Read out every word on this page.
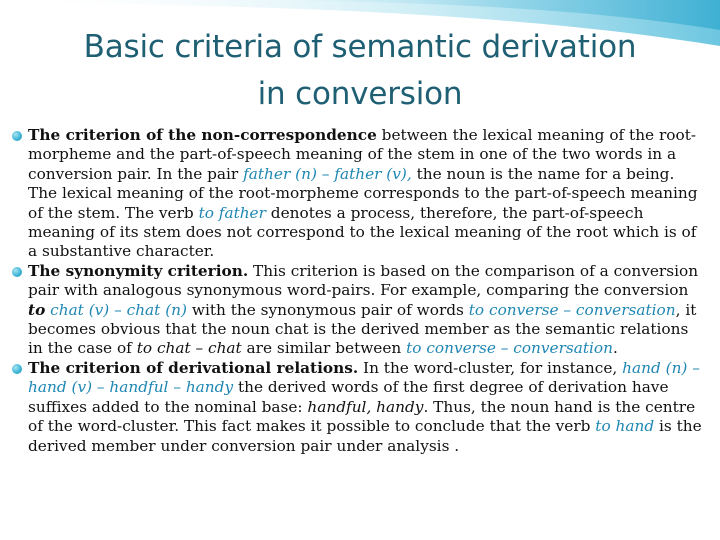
Basic criteria of semantic derivation
in conversion
The criterion of the non-correspondence between the lexical meaning of the root-morpheme and the part-of-speech meaning of the stem in one of the two words in a conversion pair. In the pair father (n) – father (v), the noun is the name for a being. The lexical meaning of the root-morpheme corresponds to the part-of-speech meaning of the stem. The verb to father denotes a process, therefore, the part-of-speech meaning of its stem does not correspond to the lexical meaning of the root which is of a substantive character.
The synonymity criterion. This criterion is based on the comparison of a conversion pair with analogous synonymous word-pairs. For example, comparing the conversion to chat (v) – chat (n) with the synonymous pair of words to converse – conversation, it becomes obvious that the noun chat is the derived member as the semantic relations in the case of to chat – chat are similar between to converse – conversation.
The criterion of derivational relations. In the word-cluster, for instance, hand (n) – hand (v) – handful – handy the derived words of the first degree of derivation have suffixes added to the nominal base: handful, handy. Thus, the noun hand is the centre of the word-cluster. This fact makes it possible to conclude that the verb to hand is the derived member under conversion pair under analysis .
